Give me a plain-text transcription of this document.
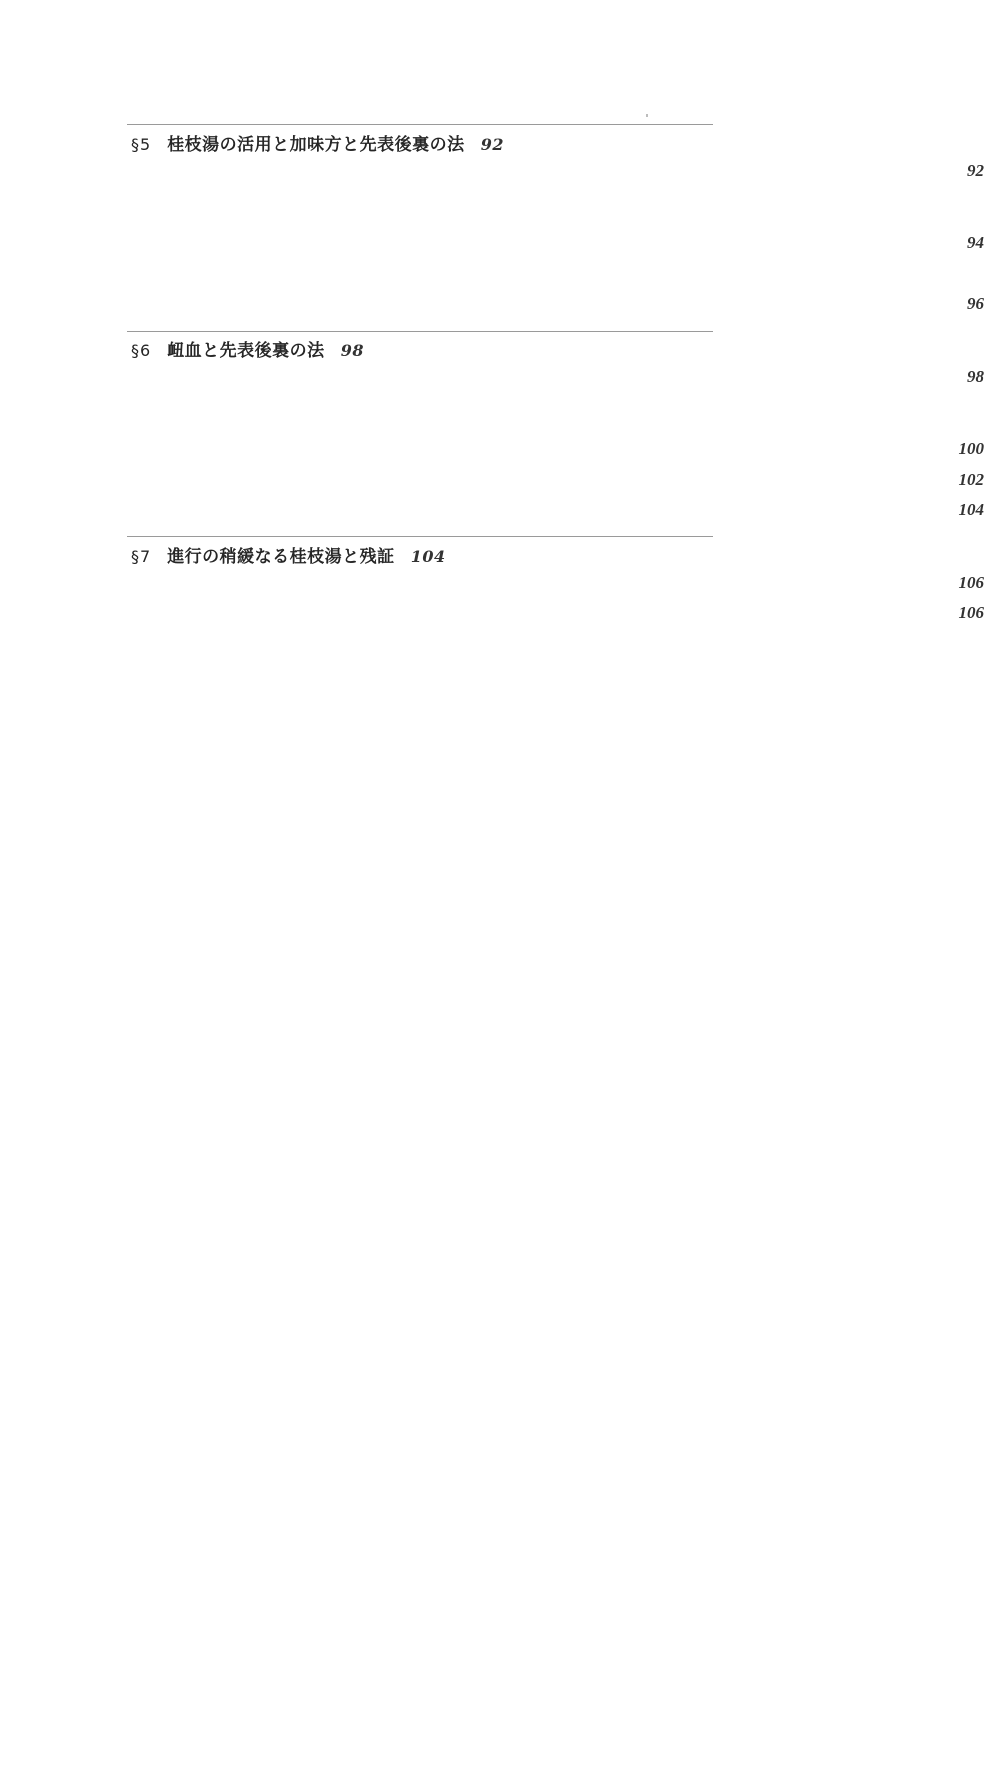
§5 桂枝湯の活用と加味方と先表後裏の法 92
92
94
96
§6 衄血と先表後裏の法 98
98
100
102
104
§7 進行の稍緩なる桂枝湯と残証 104
106
106
